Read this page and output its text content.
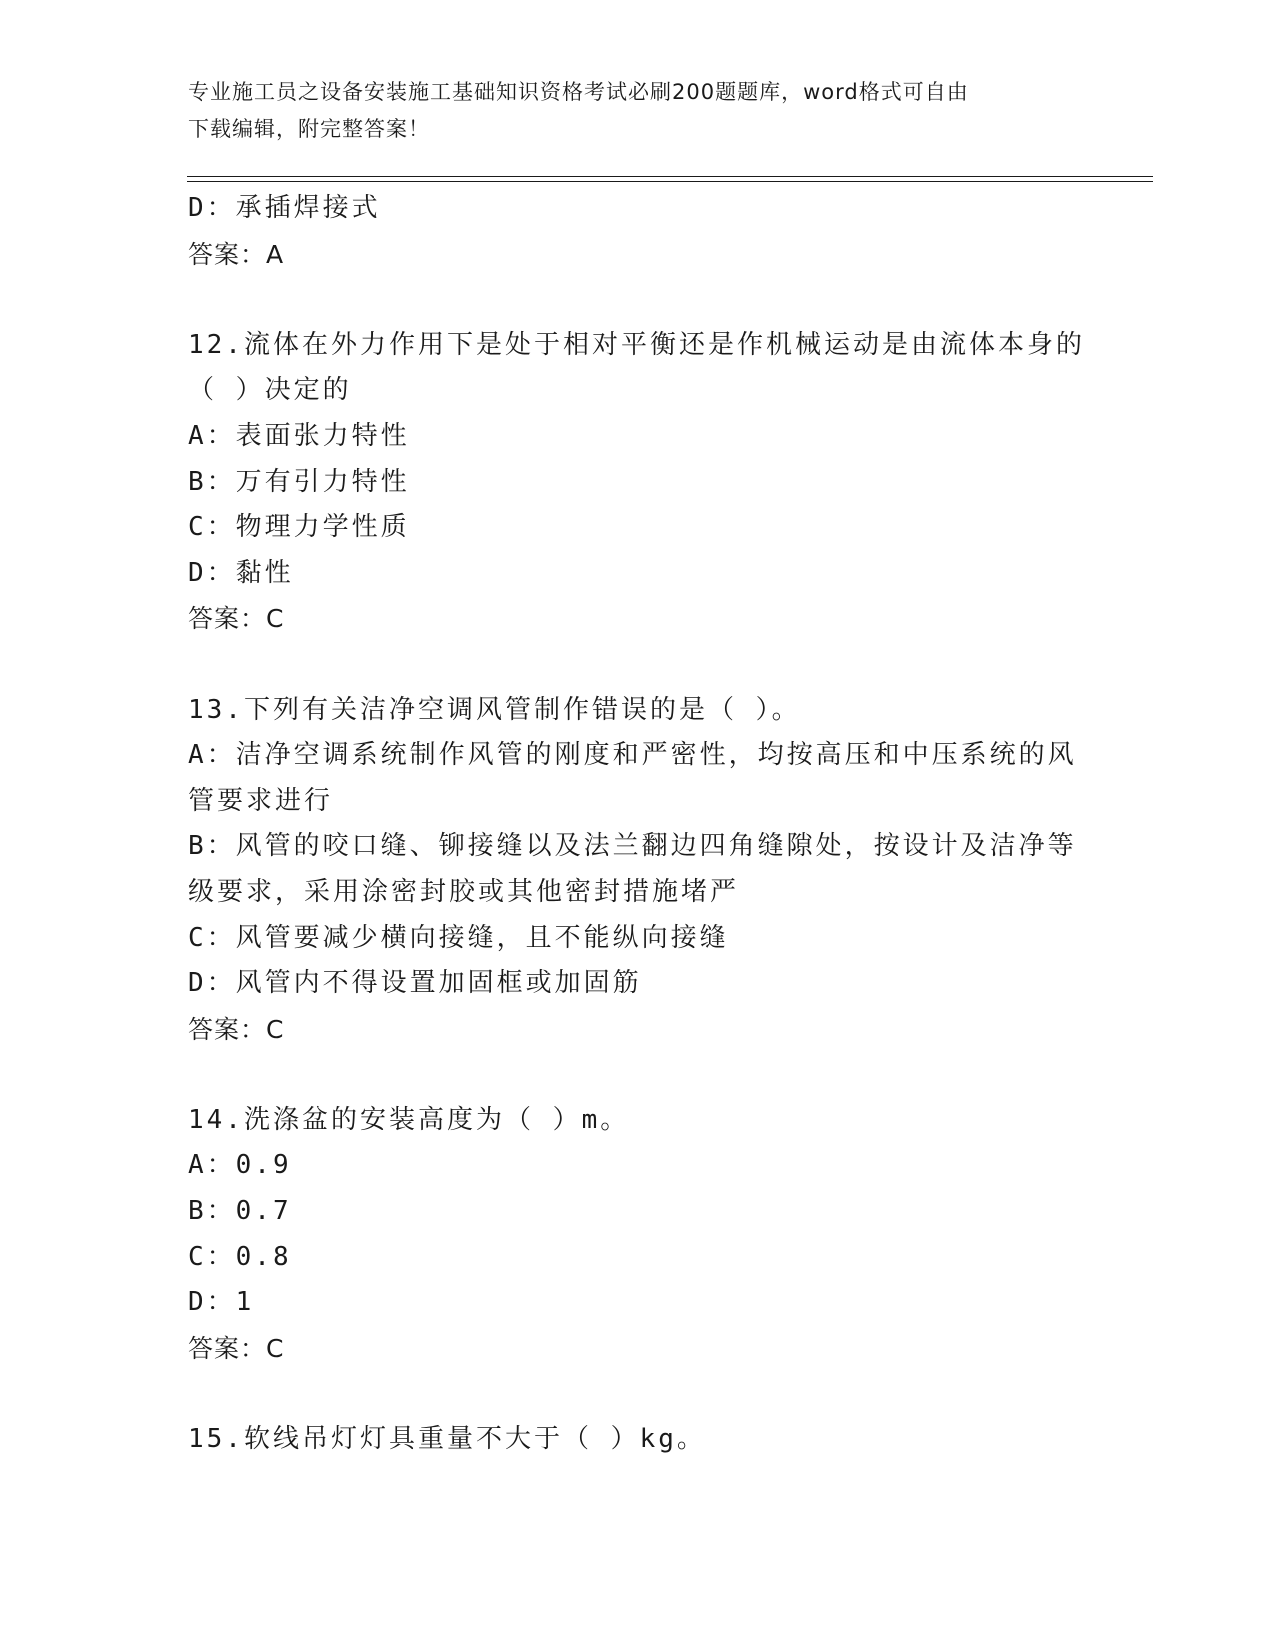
专业施工员之设备安装施工基础知识资格考试必刷200题题库，word格式可自由
下载编辑，附完整答案！
D：承插焊接式
答案：A
12.流体在外力作用下是处于相对平衡还是作机械运动是由流体本身的
（ ）决定的
A：表面张力特性
B：万有引力特性
C：物理力学性质
D：黏性
答案：C
13.下列有关洁净空调风管制作错误的是（ ）。
A：洁净空调系统制作风管的刚度和严密性，均按高压和中压系统的风
管要求进行
B：风管的咬口缝、铆接缝以及法兰翻边四角缝隙处，按设计及洁净等
级要求，采用涂密封胶或其他密封措施堵严
C：风管要减少横向接缝，且不能纵向接缝
D：风管内不得设置加固框或加固筋
答案：C
14.洗涤盆的安装高度为（ ）m。
A：0.9
B：0.7
C：0.8
D：1
答案：C
15.软线吊灯灯具重量不大于（ ）kg。
